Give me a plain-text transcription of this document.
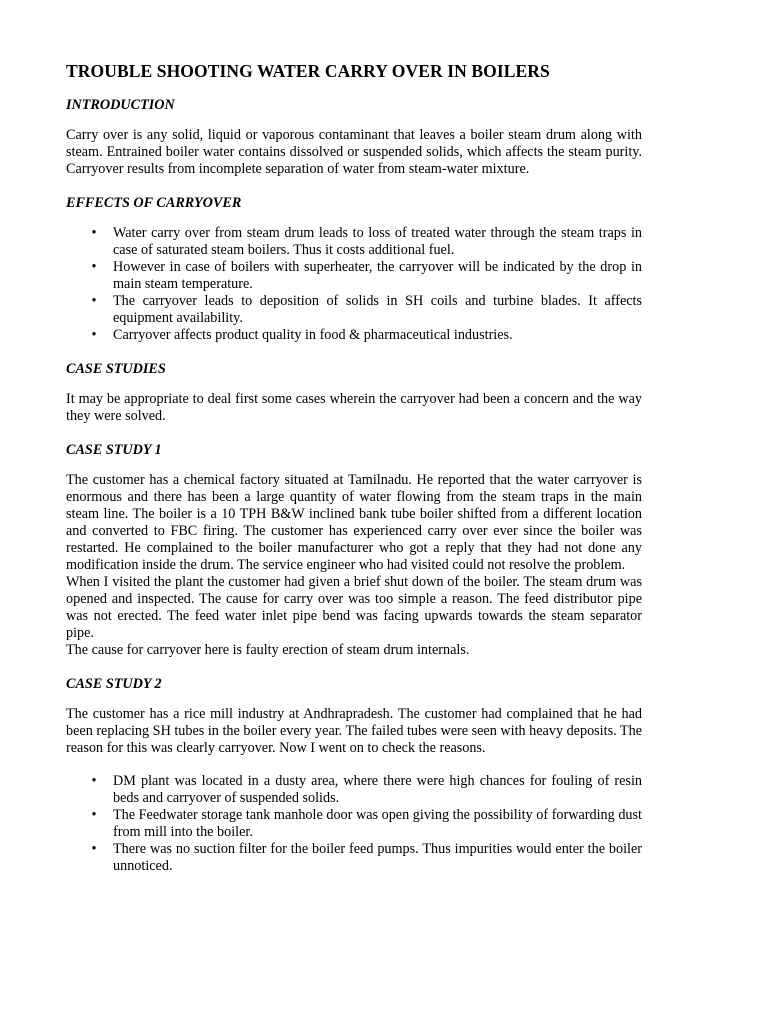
TROUBLE SHOOTING WATER CARRY OVER IN BOILERS
INTRODUCTION

Carry over is any solid, liquid or vaporous contaminant that leaves a boiler steam drum along with steam. Entrained boiler water contains dissolved or suspended solids, which affects the steam purity. Carryover results from incomplete separation of water from steam-water mixture.

EFFECTS OF CARRYOVER
• Water carry over from steam drum leads to loss of treated water through the steam traps in case of saturated steam boilers. Thus it costs additional fuel.
• However in case of boilers with superheater, the carryover will be indicated by the drop in main steam temperature.
• The carryover leads to deposition of solids in SH coils and turbine blades. It affects equipment availability.
• Carryover affects product quality in food & pharmaceutical industries.
CASE STUDIES

It may be appropriate to deal first some cases wherein the carryover had been a concern and the way they were solved.

CASE STUDY 1

The customer has a chemical factory situated at Tamilnadu. He reported that the water carryover is enormous and there has been a large quantity of water flowing from the steam traps in the main steam line. The boiler is a 10 TPH B&W inclined bank tube boiler shifted from a different location and converted to FBC firing. The customer has experienced carry over ever since the boiler was restarted. He complained to the boiler manufacturer who got a reply that they had not done any modification inside the drum. The service engineer who had visited could not resolve the problem.

When I visited the plant the customer had given a brief shut down of the boiler. The steam drum was opened and inspected. The cause for carry over was too simple a reason. The feed distributor pipe was not erected. The feed water inlet pipe bend was facing upwards towards the steam separator pipe.

The cause for carryover here is faulty erection of steam drum internals.

CASE STUDY 2

The customer has a rice mill industry at Andhrapradesh. The customer had complained that he had been replacing SH tubes in the boiler every year. The failed tubes were seen with heavy deposits. The reason for this was clearly carryover. Now I went on to check the reasons.

• DM plant was located in a dusty area, where there were high chances for fouling of resin beds and carryover of suspended solids.
• The Feedwater storage tank manhole door was open giving the possibility of forwarding dust from mill into the boiler.
• There was no suction filter for the boiler feed pumps. Thus impurities would enter the boiler unnoticed.
